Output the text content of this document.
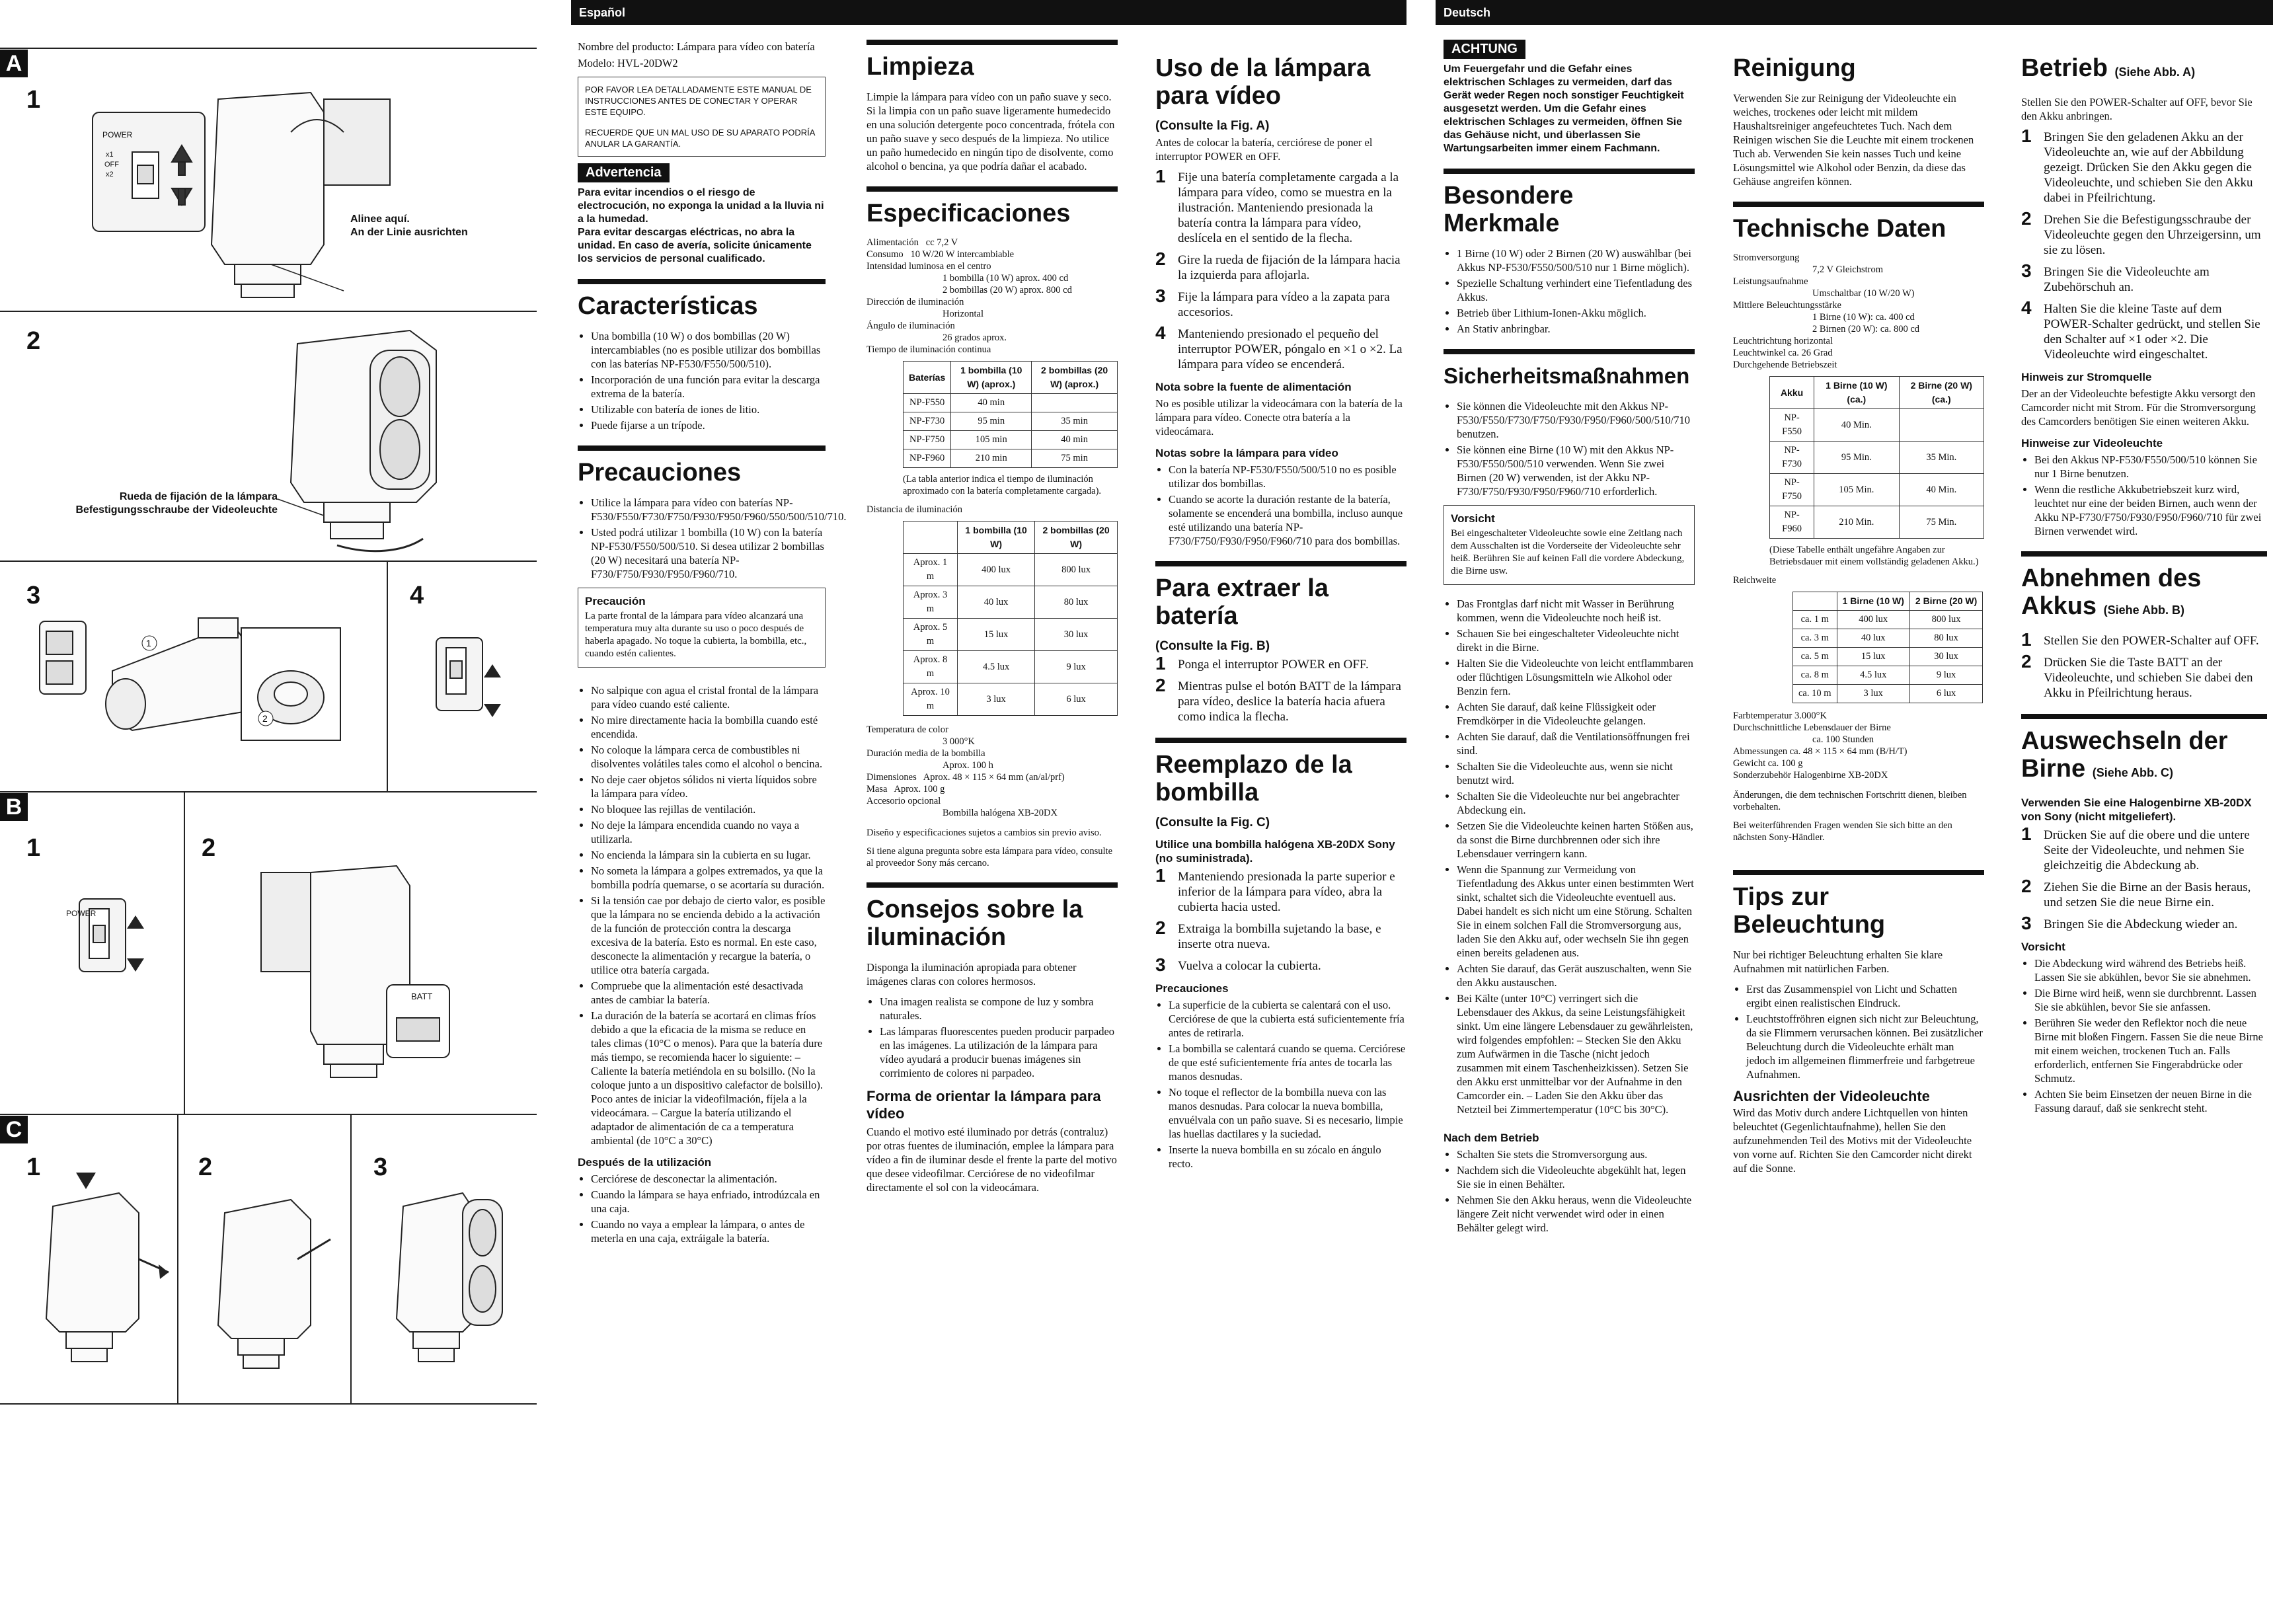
A
1
POWER
x1
OFF
x2
Alinee aquí.
An der Linie ausrichten
2
Rueda de fijación de la lámpara
Befestigungsschraube der Videoleuchte
3	4
1
2
B
1	2
POWER
BATT
C
1	2	3
Español

Nombre del producto: Lámpara para vídeo con batería

Modelo: HVL-20DW2

POR FAVOR LEA DETALLADAMENTE ESTE MANUAL DE INSTRUCCIONES ANTES DE CONECTAR Y OPERAR ESTE EQUIPO.
RECUERDE QUE UN MAL USO DE SU APARATO PODRÍA ANULAR LA GARANTÍA.
Advertencia
Para evitar incendios o el riesgo de electrocución, no exponga la unidad a la lluvia ni a la humedad.
Para evitar descargas eléctricas, no abra la unidad. En caso de avería, solicite únicamente los servicios de personal cualificado.
Características
• Una bombilla (10 W) o dos bombillas (20 W) intercambiables (no es posible utilizar dos bombillas con las baterías NP-F530/F550/500/510).
• Incorporación de una función para evitar la descarga extrema de la batería.
• Utilizable con batería de iones de litio.
• Puede fijarse a un trípode.
Precauciones
• Utilice la lámpara para vídeo con baterías NP-F530/F550/F730/F750/F930/F950/F960/550/500/510/710.
• Usted podrá utilizar 1 bombilla (10 W) con la batería NP-F530/F550/500/510. Si desea utilizar 2 bombillas (20 W) necesitará una batería NP-F730/F750/F930/F950/F960/710.
Precaución
La parte frontal de la lámpara para vídeo alcanzará una temperatura muy alta durante su uso o poco después de haberla apagado. No toque la cubierta, la bombilla, etc., cuando estén calientes.
• No salpique con agua el cristal frontal de la lámpara para vídeo cuando esté caliente.
• No mire directamente hacia la bombilla cuando esté encendida.
• No coloque la lámpara cerca de combustibles ni disolventes volátiles tales como el alcohol o bencina.
• No deje caer objetos sólidos ni vierta líquidos sobre la lámpara para vídeo.
• No bloquee las rejillas de ventilación.
• No deje la lámpara encendida cuando no vaya a utilizarla.
• No encienda la lámpara sin la cubierta en su lugar.
• No someta la lámpara a golpes extremados, ya que la bombilla podría quemarse, o se acortaría su duración.
• Si la tensión cae por debajo de cierto valor, es posible que la lámpara no se encienda debido a la activación de la función de protección contra la descarga excesiva de la batería. Esto es normal. En este caso, desconecte la alimentación y recargue la batería, o utilice otra batería cargada.
• Compruebe que la alimentación esté desactivada antes de cambiar la batería.
• La duración de la batería se acortará en climas fríos debido a que la eficacia de la misma se reduce en tales climas (10°C o menos). Para que la batería dure más tiempo, se recomienda hacer lo siguiente: – Caliente la batería metiéndola en su bolsillo. (No la coloque junto a un dispositivo calefactor de bolsillo). Poco antes de iniciar la videofilmación, fíjela a la videocámara. – Cargue la batería utilizando el adaptador de alimentación de ca a temperatura ambiental (de 10°C a 30°C)
Después de la utilización
• Cerciórese de desconectar la alimentación.
• Cuando la lámpara se haya enfriado, introdúzcala en una caja.
• Cuando no vaya a emplear la lámpara, o antes de meterla en una caja, extráigale la batería.
Limpieza

Limpie la lámpara para vídeo con un paño suave y seco. Si la limpia con un paño suave ligeramente humedecido en una solución detergente poco concentrada, frótela con un paño suave y seco después de la limpieza. No utilice un paño humedecido en ningún tipo de disolvente, como alcohol o bencina, ya que podría dañar el acabado.

Especificaciones
Alimentación cc 7,2 V
Consumo 10 W/20 W intercambiable
Intensidad luminosa en el centro
1 bombilla (10 W) aprox. 400 cd
2 bombillas (20 W) aprox. 800 cd
Dirección de iluminación
Horizontal
Ángulo de iluminación
26 grados aprox.
Tiempo de iluminación continua
Baterías	1 bombilla (10 W) (aprox.)	2 bombillas (20 W) (aprox.)
NP-F550	40 min	
NP-F730	95 min	35 min
NP-F750	105 min	40 min
NP-F960	210 min	75 min

(La tabla anterior indica el tiempo de iluminación aproximado con la batería completamente cargada).

Distancia de iluminación
	1 bombilla (10 W)	2 bombillas (20 W)
Aprox. 1 m	400 lux	800 lux
Aprox. 3 m	40 lux	80 lux
Aprox. 5 m	15 lux	30 lux
Aprox. 8 m	4.5 lux	9 lux
Aprox. 10 m	3 lux	6 lux
Temperatura de color
3 000°K
Duración media de la bombilla
Aprox. 100 h
Dimensiones Aprox. 48 × 115 × 64 mm (an/al/prf)
Masa Aprox. 100 g
Accesorio opcional
Bombilla halógena XB-20DX

Diseño y especificaciones sujetos a cambios sin previo aviso.

Si tiene alguna pregunta sobre esta lámpara para vídeo, consulte al proveedor Sony más cercano.

Consejos sobre la iluminación

Disponga la iluminación apropiada para obtener imágenes claras con colores hermosos.

• Una imagen realista se compone de luz y sombra naturales.
• Las lámparas fluorescentes pueden producir parpadeo en las imágenes. La utilización de la lámpara para vídeo ayudará a producir buenas imágenes sin corrimiento de colores ni parpadeo.
Forma de orientar la lámpara para vídeo

Cuando el motivo esté iluminado por detrás (contraluz) por otras fuentes de iluminación, emplee la lámpara para vídeo a fin de iluminar desde el frente la parte del motivo que desee videofilmar. Cerciórese de no videofilmar directamente el sol con la videocámara.

Uso de la lámpara para vídeo
(Consulte la Fig. A)

Antes de colocar la batería, cerciórese de poner el interruptor POWER en OFF.

1 Fije una batería completamente cargada a la lámpara para vídeo, como se muestra en la ilustración. Manteniendo presionada la batería contra la lámpara para vídeo, deslícela en el sentido de la flecha.
2 Gire la rueda de fijación de la lámpara hacia la izquierda para aflojarla.
3 Fije la lámpara para vídeo a la zapata para accesorios.
4 Manteniendo presionado el pequeño del interruptor POWER, póngalo en ×1 o ×2. La lámpara para vídeo se encenderá.
Nota sobre la fuente de alimentación

No es posible utilizar la videocámara con la batería de la lámpara para vídeo. Conecte otra batería a la videocámara.

Notas sobre la lámpara para vídeo
• Con la batería NP-F530/F550/500/510 no es posible utilizar dos bombillas.
• Cuando se acorte la duración restante de la batería, solamente se encenderá una bombilla, incluso aunque esté utilizando una batería NP-F730/F750/F930/F950/F960/710 para dos bombillas.
Para extraer la batería
(Consulte la Fig. B)
1 Ponga el interruptor POWER en OFF.
2 Mientras pulse el botón BATT de la lámpara para vídeo, deslice la batería hacia afuera como indica la flecha.
Reemplazo de la bombilla
(Consulte la Fig. C)
Utilice una bombilla halógena XB-20DX Sony (no suministrada).
1 Manteniendo presionada la parte superior e inferior de la lámpara para vídeo, abra la cubierta hacia usted.
2 Extraiga la bombilla sujetando la base, e inserte otra nueva.
3 Vuelva a colocar la cubierta.
Precauciones
• La superficie de la cubierta se calentará con el uso. Cerciórese de que la cubierta está suficientemente fría antes de retirarla.
• La bombilla se calentará cuando se quema. Cerciórese de que esté suficientemente fría antes de tocarla las manos desnudas.
• No toque el reflector de la bombilla nueva con las manos desnudas. Para colocar la nueva bombilla, envuélvala con un paño suave. Si es necesario, limpie las huellas dactilares y la suciedad.
• Inserte la nueva bombilla en su zócalo en ángulo recto.
Deutsch
ACHTUNG
Um Feuergefahr und die Gefahr eines elektrischen Schlages zu vermeiden, darf das Gerät weder Regen noch sonstiger Feuchtigkeit ausgesetzt werden. Um die Gefahr eines elektrischen Schlages zu vermeiden, öffnen Sie das Gehäuse nicht, und überlassen Sie Wartungsarbeiten immer einem Fachmann.
Besondere Merkmale
• 1 Birne (10 W) oder 2 Birnen (20 W) auswählbar (bei Akkus NP-F530/F550/500/510 nur 1 Birne möglich).
• Spezielle Schaltung verhindert eine Tiefentladung des Akkus.
• Betrieb über Lithium-Ionen-Akku möglich.
• An Stativ anbringbar.
Sicherheitsmaßnahmen
• Sie können die Videoleuchte mit den Akkus NP-F530/F550/F730/F750/F930/F950/F960/500/510/710 benutzen.
• Sie können eine Birne (10 W) mit den Akkus NP-F530/F550/500/510 verwenden. Wenn Sie zwei Birnen (20 W) verwenden, ist der Akku NP-F730/F750/F930/F950/F960/710 erforderlich.
Vorsicht
Bei eingeschalteter Videoleuchte sowie eine Zeitlang nach dem Ausschalten ist die Vorderseite der Videoleuchte sehr heiß. Berühren Sie auf keinen Fall die vordere Abdeckung, die Birne usw.
• Das Frontglas darf nicht mit Wasser in Berührung kommen, wenn die Videoleuchte noch heiß ist.
• Schauen Sie bei eingeschalteter Videoleuchte nicht direkt in die Birne.
• Halten Sie die Videoleuchte von leicht entflammbaren oder flüchtigen Lösungsmitteln wie Alkohol oder Benzin fern.
• Achten Sie darauf, daß keine Flüssigkeit oder Fremdkörper in die Videoleuchte gelangen.
• Achten Sie darauf, daß die Ventilationsöffnungen frei sind.
• Schalten Sie die Videoleuchte aus, wenn sie nicht benutzt wird.
• Schalten Sie die Videoleuchte nur bei angebrachter Abdeckung ein.
• Setzen Sie die Videoleuchte keinen harten Stößen aus, da sonst die Birne durchbrennen oder sich ihre Lebensdauer verringern kann.
• Wenn die Spannung zur Vermeidung von Tiefentladung des Akkus unter einen bestimmten Wert sinkt, schaltet sich die Videoleuchte eventuell aus. Dabei handelt es sich nicht um eine Störung. Schalten Sie in einem solchen Fall die Stromversorgung aus, laden Sie den Akku auf, oder wechseln Sie ihn gegen einen bereits geladenen aus.
• Achten Sie darauf, das Gerät auszuschalten, wenn Sie den Akku austauschen.
• Bei Kälte (unter 10°C) verringert sich die Lebensdauer des Akkus, da seine Leistungsfähigkeit sinkt. Um eine längere Lebensdauer zu gewährleisten, wird folgendes empfohlen: – Stecken Sie den Akku zum Aufwärmen in die Tasche (nicht jedoch zusammen mit einem Taschenheizkissen). Setzen Sie den Akku erst unmittelbar vor der Aufnahme in den Camcorder ein. – Laden Sie den Akku über das Netzteil bei Zimmertemperatur (10°C bis 30°C).
Nach dem Betrieb
• Schalten Sie stets die Stromversorgung aus.
• Nachdem sich die Videoleuchte abgekühlt hat, legen Sie sie in einen Behälter.
• Nehmen Sie den Akku heraus, wenn die Videoleuchte längere Zeit nicht verwendet wird oder in einen Behälter gelegt wird.
Reinigung

Verwenden Sie zur Reinigung der Videoleuchte ein weiches, trockenes oder leicht mit mildem Haushaltsreiniger angefeuchtetes Tuch. Nach dem Reinigen wischen Sie die Leuchte mit einem trockenen Tuch ab. Verwenden Sie kein nasses Tuch und keine Lösungsmittel wie Alkohol oder Benzin, da diese das Gehäuse angreifen können.

Technische Daten
Stromversorgung
7,2 V Gleichstrom
Leistungsaufnahme
Umschaltbar (10 W/20 W)
Mittlere Beleuchtungsstärke
1 Birne (10 W): ca. 400 cd
2 Birnen (20 W): ca. 800 cd
Leuchtrichtung horizontal
Leuchtwinkel ca. 26 Grad
Durchgehende Betriebszeit
Akku	1 Birne (10 W) (ca.)	2 Birne (20 W) (ca.)
NP-F550	40 Min.	
NP-F730	95 Min.	35 Min.
NP-F750	105 Min.	40 Min.
NP-F960	210 Min.	75 Min.

(Diese Tabelle enthält ungefähre Angaben zur Betriebsdauer mit einem vollständig geladenen Akku.)

Reichweite
	1 Birne (10 W)	2 Birne (20 W)
ca. 1 m	400 lux	800 lux
ca. 3 m	40 lux	80 lux
ca. 5 m	15 lux	30 lux
ca. 8 m	4.5 lux	9 lux
ca. 10 m	3 lux	6 lux
Farbtemperatur 3.000°K
Durchschnittliche Lebensdauer der Birne
ca. 100 Stunden
Abmessungen ca. 48 × 115 × 64 mm (B/H/T)
Gewicht ca. 100 g
Sonderzubehör Halogenbirne XB-20DX

Änderungen, die dem technischen Fortschritt dienen, bleiben vorbehalten.

Bei weiterführenden Fragen wenden Sie sich bitte an den nächsten Sony-Händler.

Tips zur Beleuchtung

Nur bei richtiger Beleuchtung erhalten Sie klare Aufnahmen mit natürlichen Farben.

• Erst das Zusammenspiel von Licht und Schatten ergibt einen realistischen Eindruck.
• Leuchtstoffröhren eignen sich nicht zur Beleuchtung, da sie Flimmern verursachen können. Bei zusätzlicher Beleuchtung durch die Videoleuchte erhält man jedoch im allgemeinen flimmerfreie und farbgetreue Aufnahmen.
Ausrichten der Videoleuchte

Wird das Motiv durch andere Lichtquellen von hinten beleuchtet (Gegenlichtaufnahme), hellen Sie den aufzunehmenden Teil des Motivs mit der Videoleuchte von vorne auf. Richten Sie den Camcorder nicht direkt auf die Sonne.

Betrieb (Siehe Abb. A)

Stellen Sie den POWER-Schalter auf OFF, bevor Sie den Akku anbringen.

1 Bringen Sie den geladenen Akku an der Videoleuchte an, wie auf der Abbildung gezeigt. Drücken Sie den Akku gegen die Videoleuchte, und schieben Sie den Akku dabei in Pfeilrichtung.
2 Drehen Sie die Befestigungsschraube der Videoleuchte gegen den Uhrzeigersinn, um sie zu lösen.
3 Bringen Sie die Videoleuchte am Zubehörschuh an.
4 Halten Sie die kleine Taste auf dem POWER-Schalter gedrückt, und stellen Sie den Schalter auf ×1 oder ×2. Die Videoleuchte wird eingeschaltet.
Hinweis zur Stromquelle

Der an der Videoleuchte befestigte Akku versorgt den Camcorder nicht mit Strom. Für die Stromversorgung des Camcorders benötigen Sie einen weiteren Akku.

Hinweise zur Videoleuchte
• Bei den Akkus NP-F530/F550/500/510 können Sie nur 1 Birne benutzen.
• Wenn die restliche Akkubetriebszeit kurz wird, leuchtet nur eine der beiden Birnen, auch wenn der Akku NP-F730/F750/F930/F950/F960/710 für zwei Birnen verwendet wird.
Abnehmen des Akkus (Siehe Abb. B)
1 Stellen Sie den POWER-Schalter auf OFF.
2 Drücken Sie die Taste BATT an der Videoleuchte, und schieben Sie dabei den Akku in Pfeilrichtung heraus.
Auswechseln der Birne (Siehe Abb. C)
Verwenden Sie eine Halogenbirne XB-20DX von Sony (nicht mitgeliefert).
1 Drücken Sie auf die obere und die untere Seite der Videoleuchte, und nehmen Sie gleichzeitig die Abdeckung ab.
2 Ziehen Sie die Birne an der Basis heraus, und setzen Sie die neue Birne ein.
3 Bringen Sie die Abdeckung wieder an.
Vorsicht
• Die Abdeckung wird während des Betriebs heiß. Lassen Sie sie abkühlen, bevor Sie sie abnehmen.
• Die Birne wird heiß, wenn sie durchbrennt. Lassen Sie sie abkühlen, bevor Sie sie anfassen.
• Berühren Sie weder den Reflektor noch die neue Birne mit bloßen Fingern. Fassen Sie die neue Birne mit einem weichen, trockenen Tuch an. Falls erforderlich, entfernen Sie Fingerabdrücke oder Schmutz.
• Achten Sie beim Einsetzen der neuen Birne in die Fassung darauf, daß sie senkrecht steht.
Sie können eine Birne (10 W) mit den Akkus NP-F530/F550/500/510 verwenden.
